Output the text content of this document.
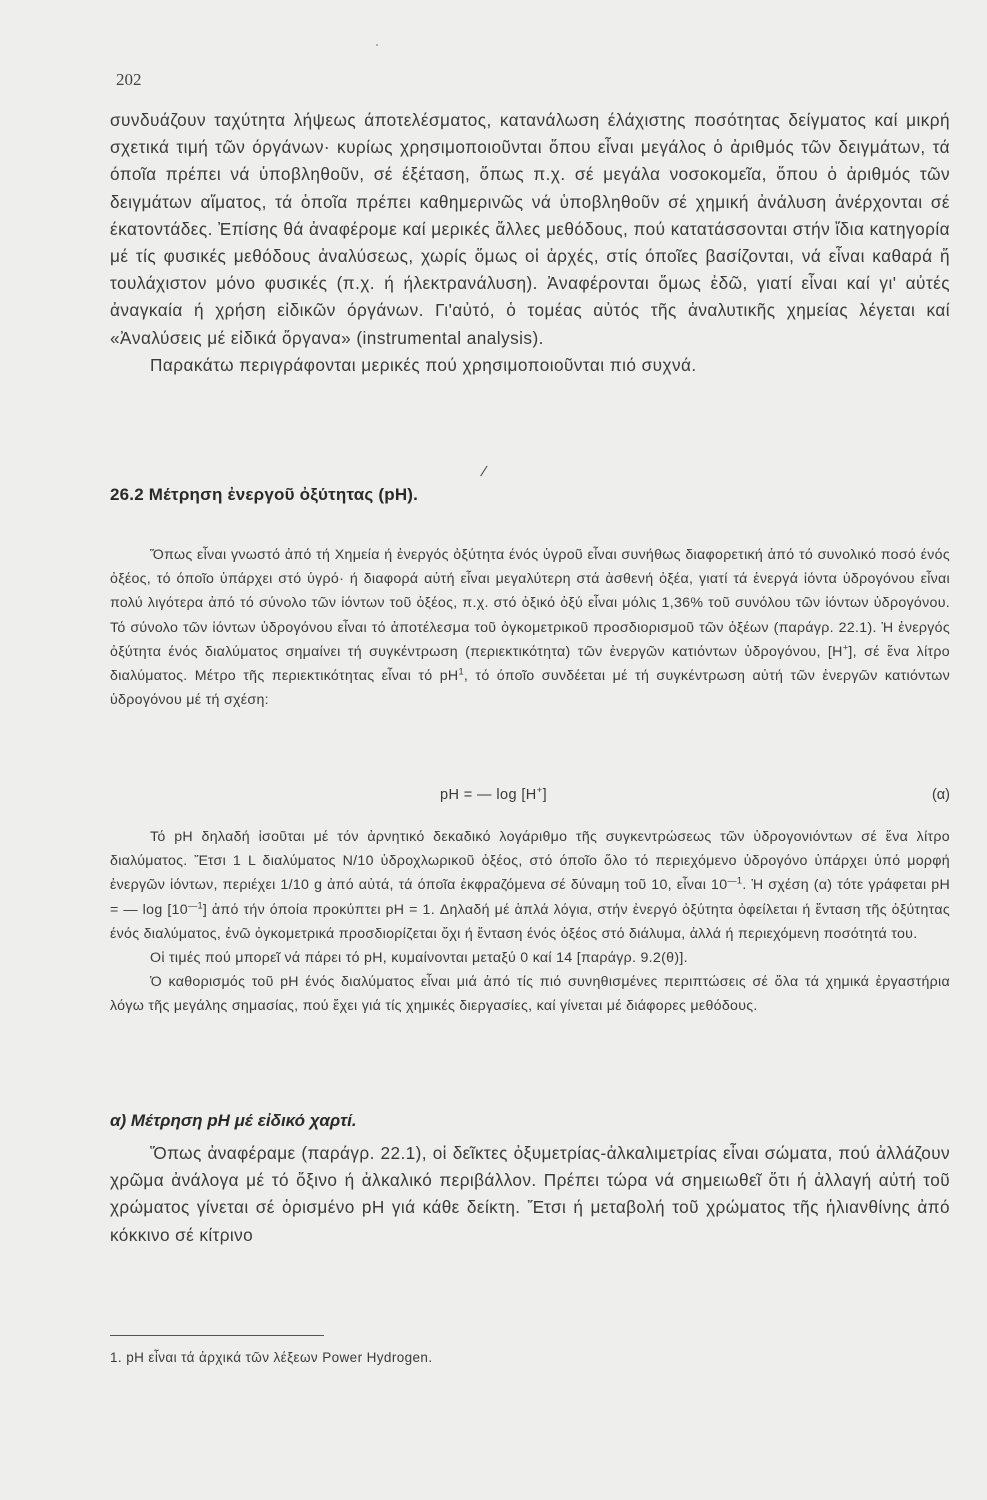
202

συνδυάζουν ταχύτητα λήψεως άποτελέσματος, κατανάλωση έλάχιστης ποσότητας δείγματος καί μικρή σχετικά τιμή τῶν όργάνων· κυρίως χρησιμοποιοῦνται ὅπου εἶναι μεγάλος ὁ ἀριθμός τῶν δειγμάτων, τά όποῖα πρέπει νά ὑποβληθοῦν, σέ έξέταση, ὅπως π.χ. σέ μεγάλα νοσοκομεῖα, ὅπου ὁ ἀριθμός τῶν δειγμάτων αἵματος, τά ὁποῖα πρέπει καθημερινῶς νά ὑποβληθοῦν σέ χημική ἀνάλυση ἀνέρχονται σέ έκατοντάδες. Ἐπίσης θά ἀναφέρομε καί μερικές ἄλλες μεθόδους, πού κατατάσσονται στήν ἴδια κατηγορία μέ τίς φυσικές μεθόδους ἀναλύσεως, χωρίς ὅμως οἱ ἀρχές, στίς όποῖες βασίζονται, νά εἶναι καθαρά ἤ τουλάχιστον μόνο φυσικές (π.χ. ή ήλεκτρανάλυση). Ἀναφέρονται ὅμως ἐδῶ, γιατί εἶναι καί γι' αὐτές ἀναγκαία ή χρήση εἰδικῶν όργάνων. Γι'αὐτό, ὁ τομέας αὐτός τῆς ἀναλυτικῆς χημείας λέγεται καί «Ἀναλύσεις μέ εἰδικά ὄργανα» (instrumental analysis).

Παρακάτω περιγράφονται μερικές πού χρησιμοποιοῦνται πιό συχνά.

/
26.2 Μέτρηση ἐνεργοῦ ὀξύτητας (pH).

Ὅπως εἶναι γνωστό ἀπό τή Χημεία ή ἐνεργός ὀξύτητα ένός ὑγροῦ εἶναι συνήθως διαφορετική ἀπό τό συνολικό ποσό ένός ὀξέος, τό όποῖο ὑπάρχει στό ὑγρό· ή διαφορά αὐτή εἶναι μεγαλύτερη στά ἀσθενή ὀξέα, γιατί τά ἐνεργά ἰόντα ὑδρογόνου εἶναι πολύ λιγότερα ἀπό τό σύνολο τῶν ἰόντων τοῦ ὀξέος, π.χ. στό ὀξικό ὀξύ εἶναι μόλις 1,36% τοῦ συνόλου τῶν ἰόντων ὑδρογόνου. Τό σύνολο τῶν ἰόντων ὑδρογόνου εἶναι τό ἀποτέλεσμα τοῦ ὀγκομετρικοῦ προσδιορισμοῦ τῶν ὀξέων (παράγρ. 22.1). Ἡ ἐνεργός ὀξύτητα ένός διαλύματος σημαίνει τή συγκέντρωση (περιεκτικότητα) τῶν ἐνεργῶν κατιόντων ὑδρογόνου, [H+], σέ ἕνα λίτρο διαλύματος. Μέτρο τῆς περιεκτικότητας εἶναι τό $pH^1$, τό όποῖο συνδέεται μέ τή συγκέντρωση αὐτή τῶν ἐνεργῶν κατιόντων ὑδρογόνου μέ τή σχέση:

pH = — log [H+]	(α)

Τό pH δηλαδή ἰσοῦται μέ τόν ἀρνητικό δεκαδικό λογάριθμο τῆς συγκεντρώσεως τῶν ὑδρογονιόντων σέ ἕνα λίτρο διαλύματος. Ἔτσι 1 L διαλύματος N/10 ὑδροχλωρικοῦ ὀξέος, στό όποῖο ὅλο τό περιεχόμενο ὑδρογόνο ὑπάρχει ὑπό μορφή ἐνεργῶν ἰόντων, περιέχει 1/10 g ἀπό αὐτά, τά όποῖα ἐκφραζόμενα σέ δύναμη τοῦ 10, εἶναι $10^{—1}$. Ἡ σχέση (α) τότε γράφεται pH = — $\log [10^{—1}]$ ἀπό τήν όποία προκύπτει pH = 1. Δηλαδή μέ ἁπλά λόγια, στήν ἐνεργό ὀξύτητα ὀφείλεται ή ἔνταση τῆς ὀξύτητας ένός διαλύματος, ἐνῶ ὀγκομετρικά προσδιορίζεται ὄχι ή ἔνταση ένός ὀξέος στό διάλυμα, ἀλλά ή περιεχόμενη ποσότητά του.

Οἱ τιμές πού μπορεῖ νά πάρει τό pH, κυμαίνονται μεταξύ 0 καί 14 [παράγρ. 9.2(θ)].

Ὁ καθορισμός τοῦ pH ένός διαλύματος εἶναι μιά ἀπό τίς πιό συνηθισμένες περιπτώσεις σέ ὅλα τά χημικά ἐργαστήρια λόγω τῆς μεγάλης σημασίας, πού ἔχει γιά τίς χημικές διεργασίες, καί γίνεται μέ διάφορες μεθόδους.

α) Μέτρηση pH μέ εἰδικό χαρτί.

Ὅπως ἀναφέραμε (παράγρ. 22.1), οἱ δεῖκτες ὀξυμετρίας-ἀλκαλιμετρίας εἶναι σώματα, πού ἀλλάζουν χρῶμα ἀνάλογα μέ τό ὄξινο ή ἀλκαλικό περιβάλλον. Πρέπει τώρα νά σημειωθεῖ ὅτι ή ἀλλαγή αὐτή τοῦ χρώματος γίνεται σέ ὁρισμένο pH γιά κάθε δείκτη. Ἔτσι ή μεταβολή τοῦ χρώματος τῆς ἡλιανθίνης ἀπό κόκκινο σέ κίτρινο

1. pH εἶναι τά ἀρχικά τῶν λέξεων Power Hydrogen.
